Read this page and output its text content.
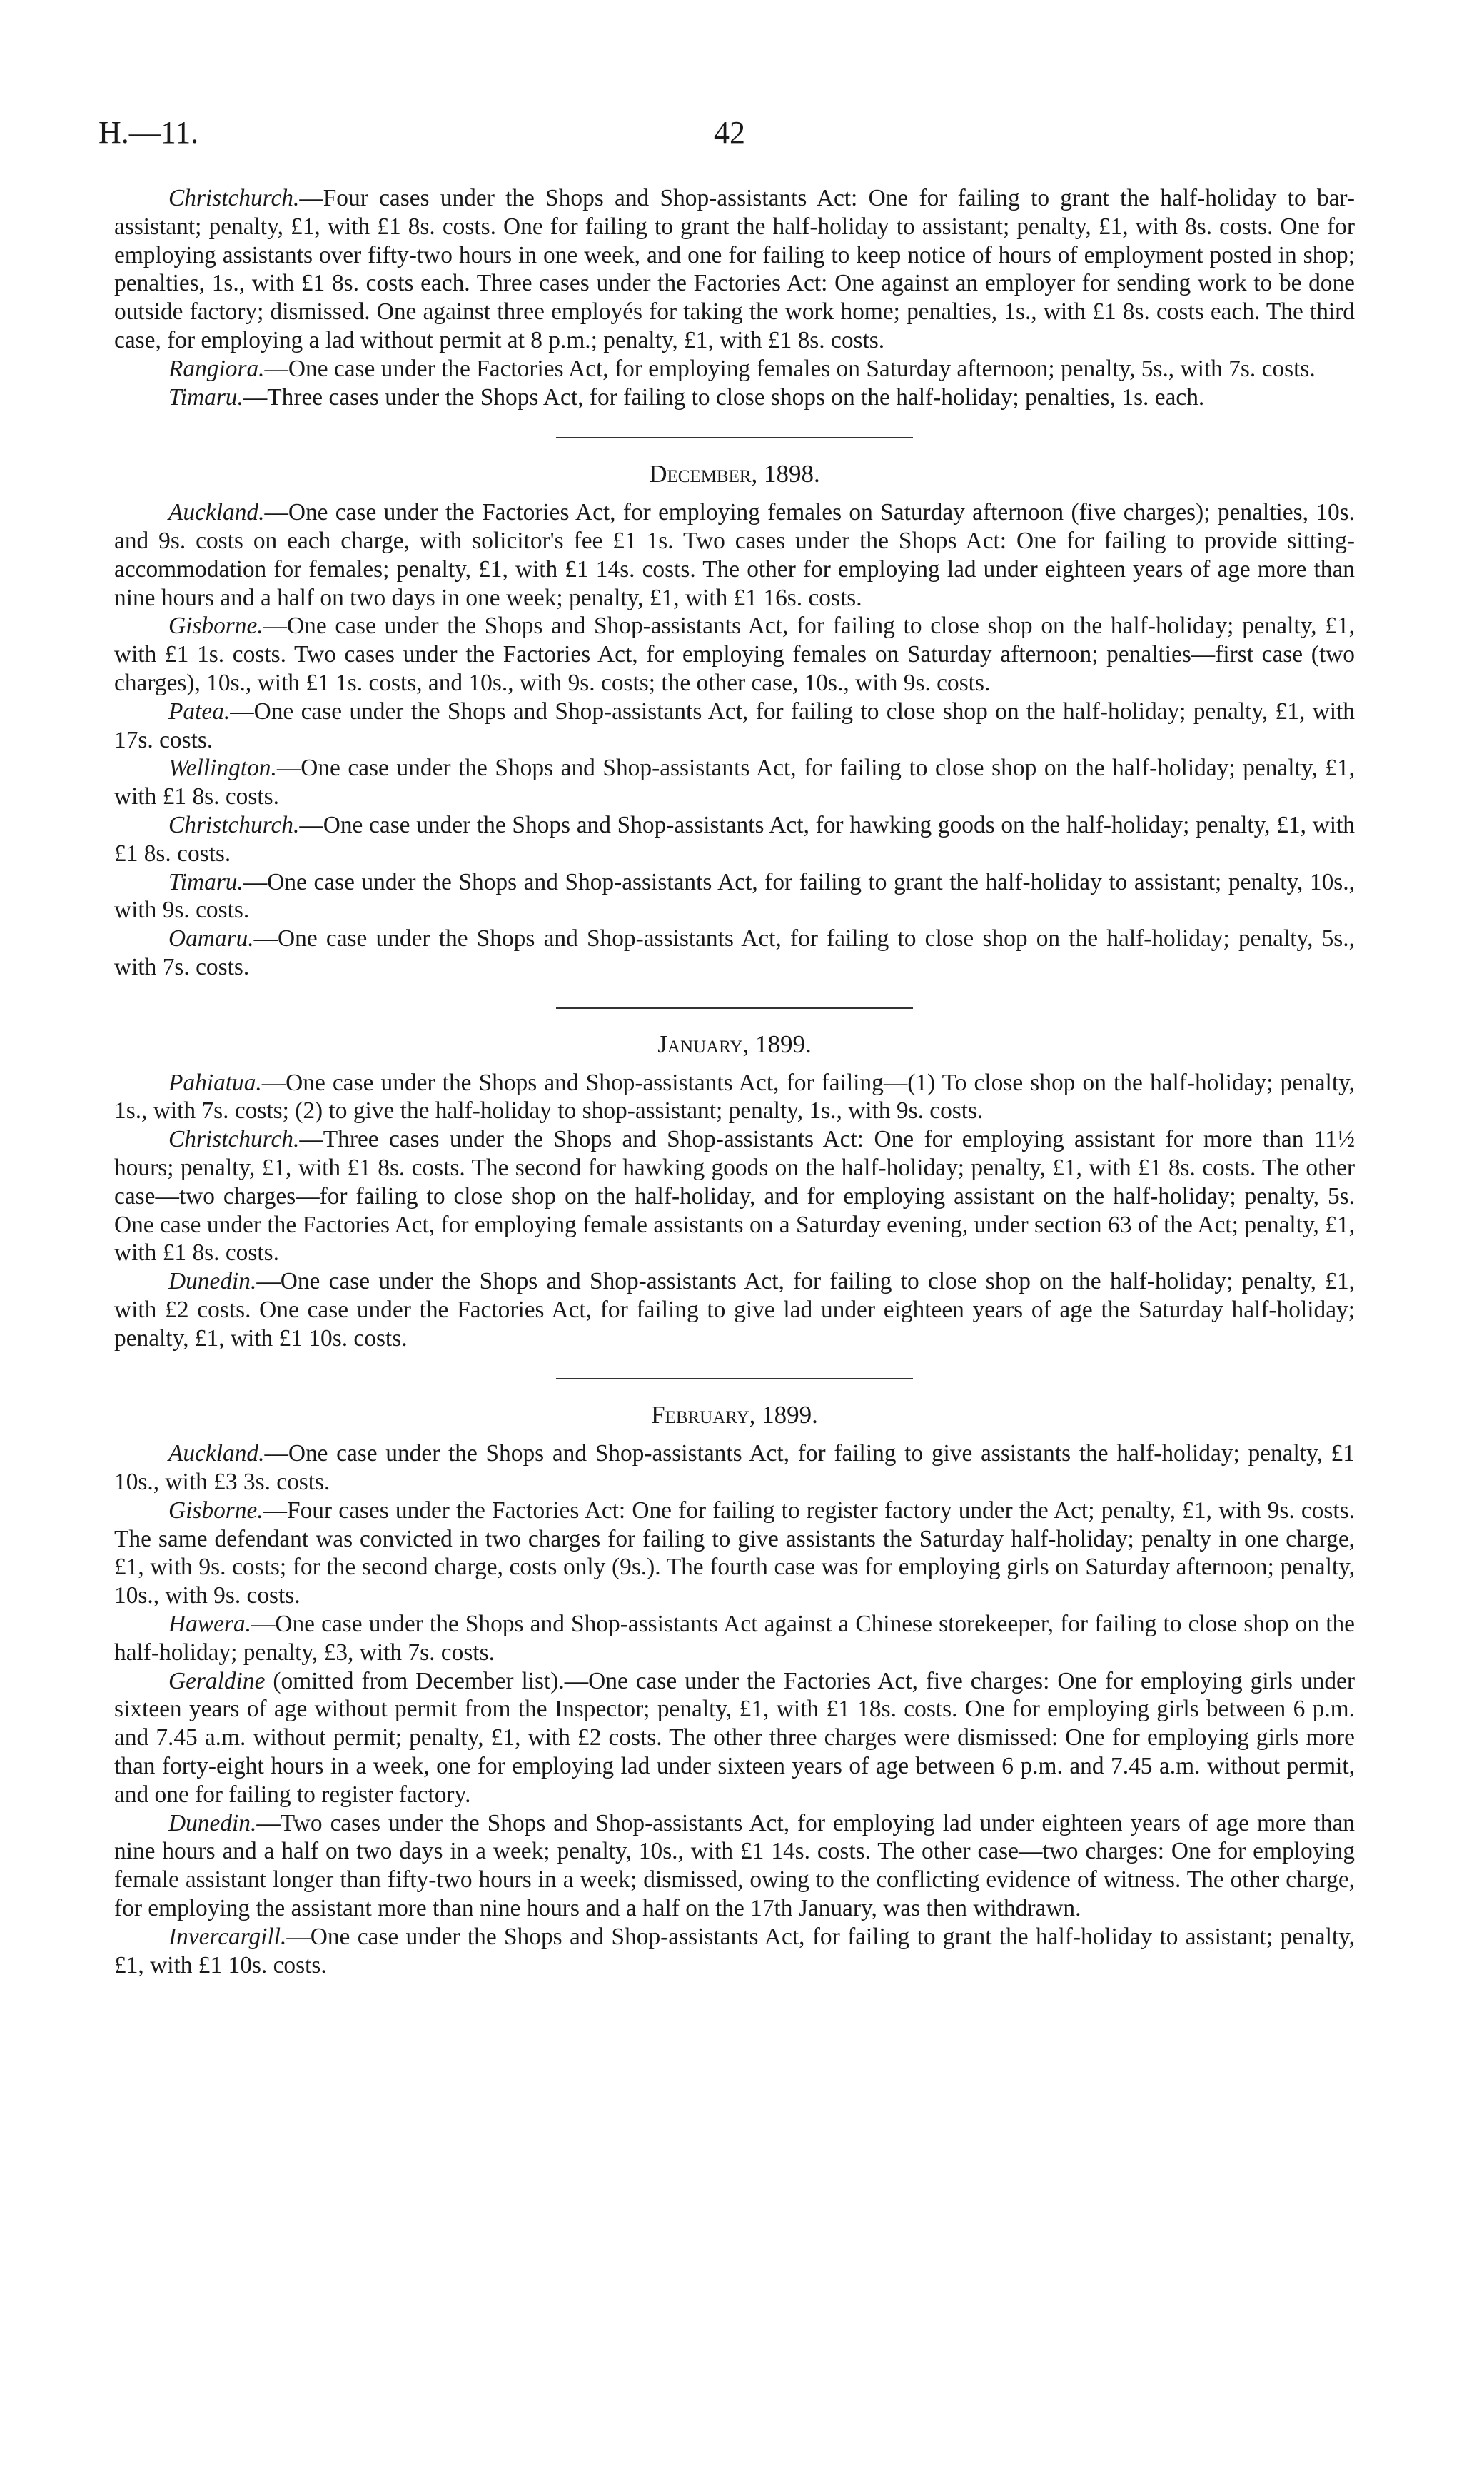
H.—11.	42

Christchurch.—Four cases under the Shops and Shop-assistants Act: One for failing to grant the half-holiday to bar-assistant; penalty, £1, with £1 8s. costs. One for failing to grant the half-holiday to assistant; penalty, £1, with 8s. costs. One for employing assistants over fifty-two hours in one week, and one for failing to keep notice of hours of employment posted in shop; penalties, 1s., with £1 8s. costs each. Three cases under the Factories Act: One against an employer for sending work to be done outside factory; dismissed. One against three employés for taking the work home; penalties, 1s., with £1 8s. costs each. The third case, for employing a lad without permit at 8 p.m.; penalty, £1, with £1 8s. costs.

Rangiora.—One case under the Factories Act, for employing females on Saturday afternoon; penalty, 5s., with 7s. costs.

Timaru.—Three cases under the Shops Act, for failing to close shops on the half-holiday; penalties, 1s. each.

December, 1898.

Auckland.—One case under the Factories Act, for employing females on Saturday afternoon (five charges); penalties, 10s. and 9s. costs on each charge, with solicitor's fee £1 1s. Two cases under the Shops Act: One for failing to provide sitting-accommodation for females; penalty, £1, with £1 14s. costs. The other for employing lad under eighteen years of age more than nine hours and a half on two days in one week; penalty, £1, with £1 16s. costs.

Gisborne.—One case under the Shops and Shop-assistants Act, for failing to close shop on the half-holiday; penalty, £1, with £1 1s. costs. Two cases under the Factories Act, for employing females on Saturday afternoon; penalties—first case (two charges), 10s., with £1 1s. costs, and 10s., with 9s. costs; the other case, 10s., with 9s. costs.

Patea.—One case under the Shops and Shop-assistants Act, for failing to close shop on the half-holiday; penalty, £1, with 17s. costs.

Wellington.—One case under the Shops and Shop-assistants Act, for failing to close shop on the half-holiday; penalty, £1, with £1 8s. costs.

Christchurch.—One case under the Shops and Shop-assistants Act, for hawking goods on the half-holiday; penalty, £1, with £1 8s. costs.

Timaru.—One case under the Shops and Shop-assistants Act, for failing to grant the half-holiday to assistant; penalty, 10s., with 9s. costs.

Oamaru.—One case under the Shops and Shop-assistants Act, for failing to close shop on the half-holiday; penalty, 5s., with 7s. costs.

January, 1899.

Pahiatua.—One case under the Shops and Shop-assistants Act, for failing—(1) To close shop on the half-holiday; penalty, 1s., with 7s. costs; (2) to give the half-holiday to shop-assistant; penalty, 1s., with 9s. costs.

Christchurch.—Three cases under the Shops and Shop-assistants Act: One for employing assistant for more than 11½ hours; penalty, £1, with £1 8s. costs. The second for hawking goods on the half-holiday; penalty, £1, with £1 8s. costs. The other case—two charges—for failing to close shop on the half-holiday, and for employing assistant on the half-holiday; penalty, 5s. One case under the Factories Act, for employing female assistants on a Saturday evening, under section 63 of the Act; penalty, £1, with £1 8s. costs.

Dunedin.—One case under the Shops and Shop-assistants Act, for failing to close shop on the half-holiday; penalty, £1, with £2 costs. One case under the Factories Act, for failing to give lad under eighteen years of age the Saturday half-holiday; penalty, £1, with £1 10s. costs.

February, 1899.

Auckland.—One case under the Shops and Shop-assistants Act, for failing to give assistants the half-holiday; penalty, £1 10s., with £3 3s. costs.

Gisborne.—Four cases under the Factories Act: One for failing to register factory under the Act; penalty, £1, with 9s. costs. The same defendant was convicted in two charges for failing to give assistants the Saturday half-holiday; penalty in one charge, £1, with 9s. costs; for the second charge, costs only (9s.). The fourth case was for employing girls on Saturday afternoon; penalty, 10s., with 9s. costs.

Hawera.—One case under the Shops and Shop-assistants Act against a Chinese storekeeper, for failing to close shop on the half-holiday; penalty, £3, with 7s. costs.

Geraldine (omitted from December list).—One case under the Factories Act, five charges: One for employing girls under sixteen years of age without permit from the Inspector; penalty, £1, with £1 18s. costs. One for employing girls between 6 p.m. and 7.45 a.m. without permit; penalty, £1, with £2 costs. The other three charges were dismissed: One for employing girls more than forty-eight hours in a week, one for employing lad under sixteen years of age between 6 p.m. and 7.45 a.m. without permit, and one for failing to register factory.

Dunedin.—Two cases under the Shops and Shop-assistants Act, for employing lad under eighteen years of age more than nine hours and a half on two days in a week; penalty, 10s., with £1 14s. costs. The other case—two charges: One for employing female assistant longer than fifty-two hours in a week; dismissed, owing to the conflicting evidence of witness. The other charge, for employing the assistant more than nine hours and a half on the 17th January, was then withdrawn.

Invercargill.—One case under the Shops and Shop-assistants Act, for failing to grant the half-holiday to assistant; penalty, £1, with £1 10s. costs.
